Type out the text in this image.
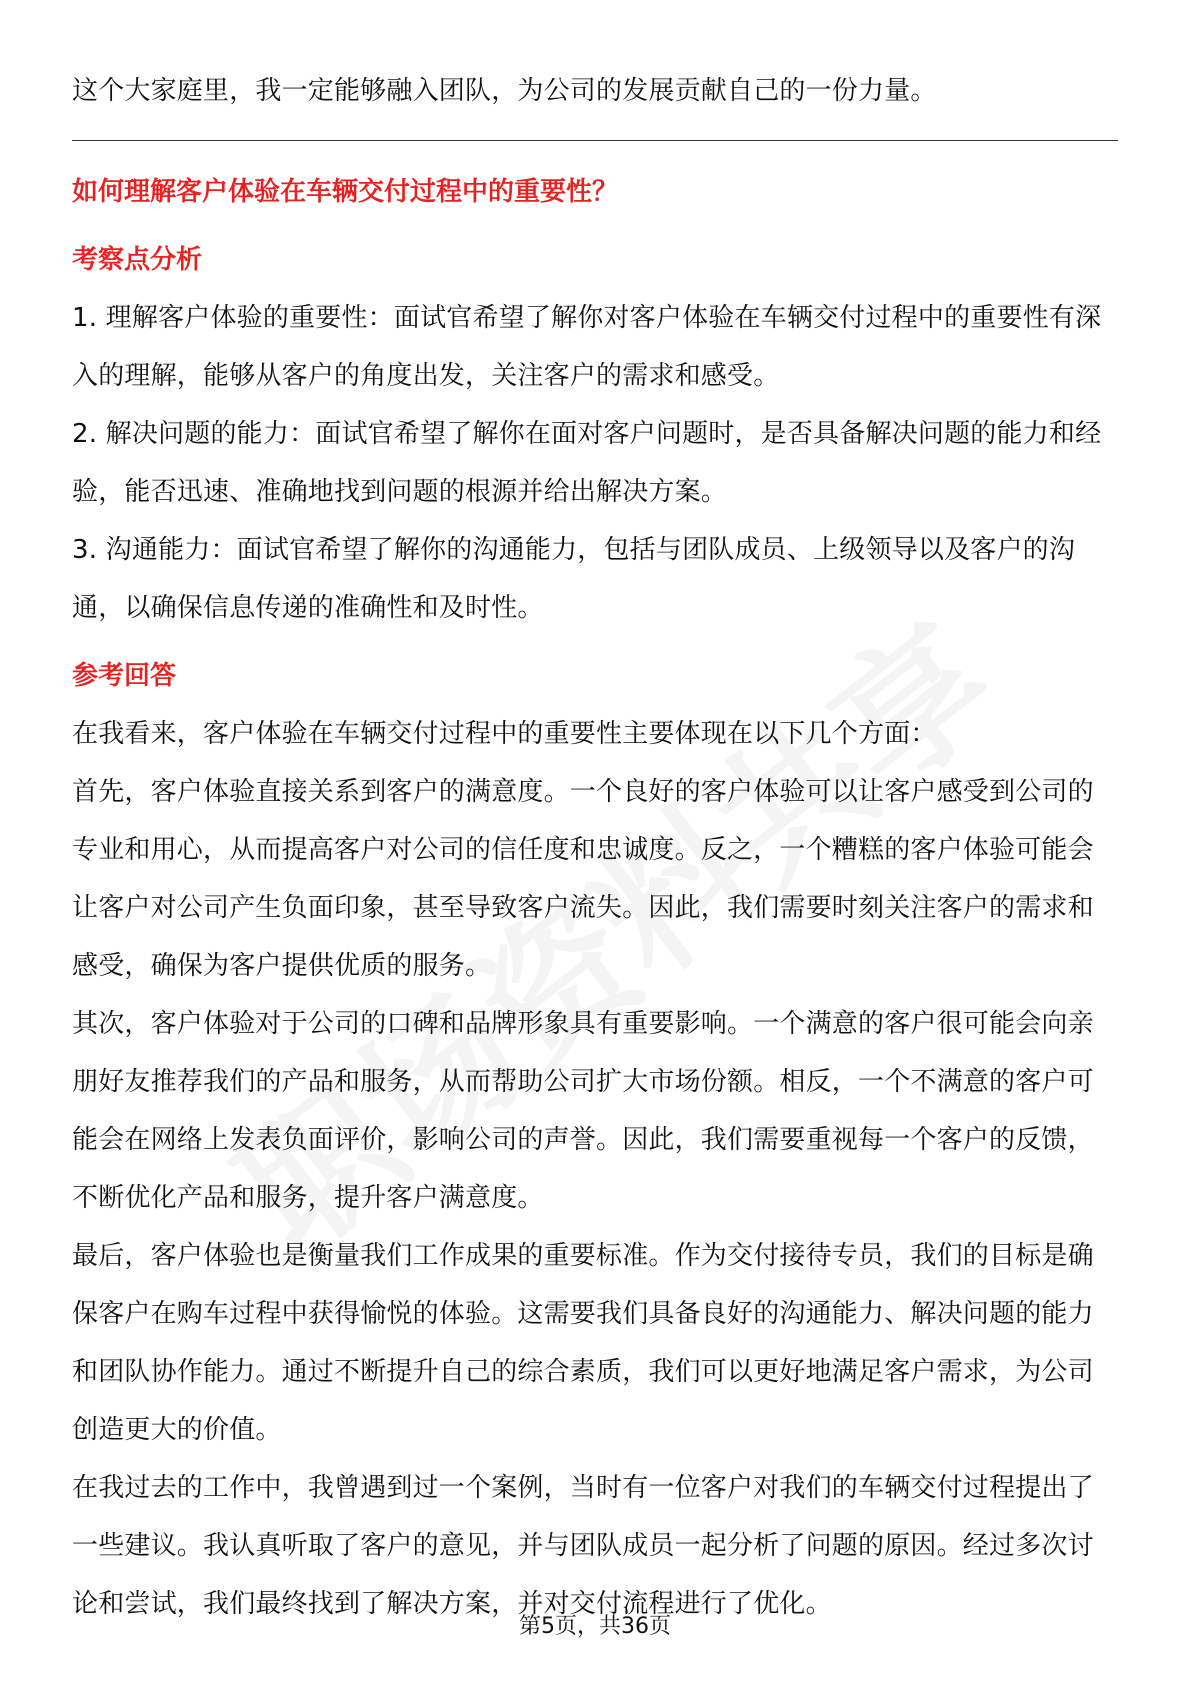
这个大家庭里，我一定能够融入团队，为公司的发展贡献自己的一份力量。

如何理解客户体验在车辆交付过程中的重要性？

考察点分析

1. 理解客户体验的重要性：面试官希望了解你对客户体验在车辆交付过程中的重要性有深入的理解，能够从客户的角度出发，关注客户的需求和感受。

2. 解决问题的能力：面试官希望了解你在面对客户问题时，是否具备解决问题的能力和经验，能否迅速、准确地找到问题的根源并给出解决方案。

3. 沟通能力：面试官希望了解你的沟通能力，包括与团队成员、上级领导以及客户的沟通，以确保信息传递的准确性和及时性。

参考回答

在我看来，客户体验在车辆交付过程中的重要性主要体现在以下几个方面：

首先，客户体验直接关系到客户的满意度。一个良好的客户体验可以让客户感受到公司的专业和用心，从而提高客户对公司的信任度和忠诚度。反之，一个糟糕的客户体验可能会让客户对公司产生负面印象，甚至导致客户流失。因此，我们需要时刻关注客户的需求和感受，确保为客户提供优质的服务。

其次，客户体验对于公司的口碑和品牌形象具有重要影响。一个满意的客户很可能会向亲朋好友推荐我们的产品和服务，从而帮助公司扩大市场份额。相反，一个不满意的客户可能会在网络上发表负面评价，影响公司的声誉。因此，我们需要重视每一个客户的反馈，不断优化产品和服务，提升客户满意度。

最后，客户体验也是衡量我们工作成果的重要标准。作为交付接待专员，我们的目标是确保客户在购车过程中获得愉悦的体验。这需要我们具备良好的沟通能力、解决问题的能力和团队协作能力。通过不断提升自己的综合素质，我们可以更好地满足客户需求，为公司创造更大的价值。

在我过去的工作中，我曾遇到过一个案例，当时有一位客户对我们的车辆交付过程提出了一些建议。我认真听取了客户的意见，并与团队成员一起分析了问题的原因。经过多次讨论和尝试，我们最终找到了解决方案，并对交付流程进行了优化。

第5页，共36页
